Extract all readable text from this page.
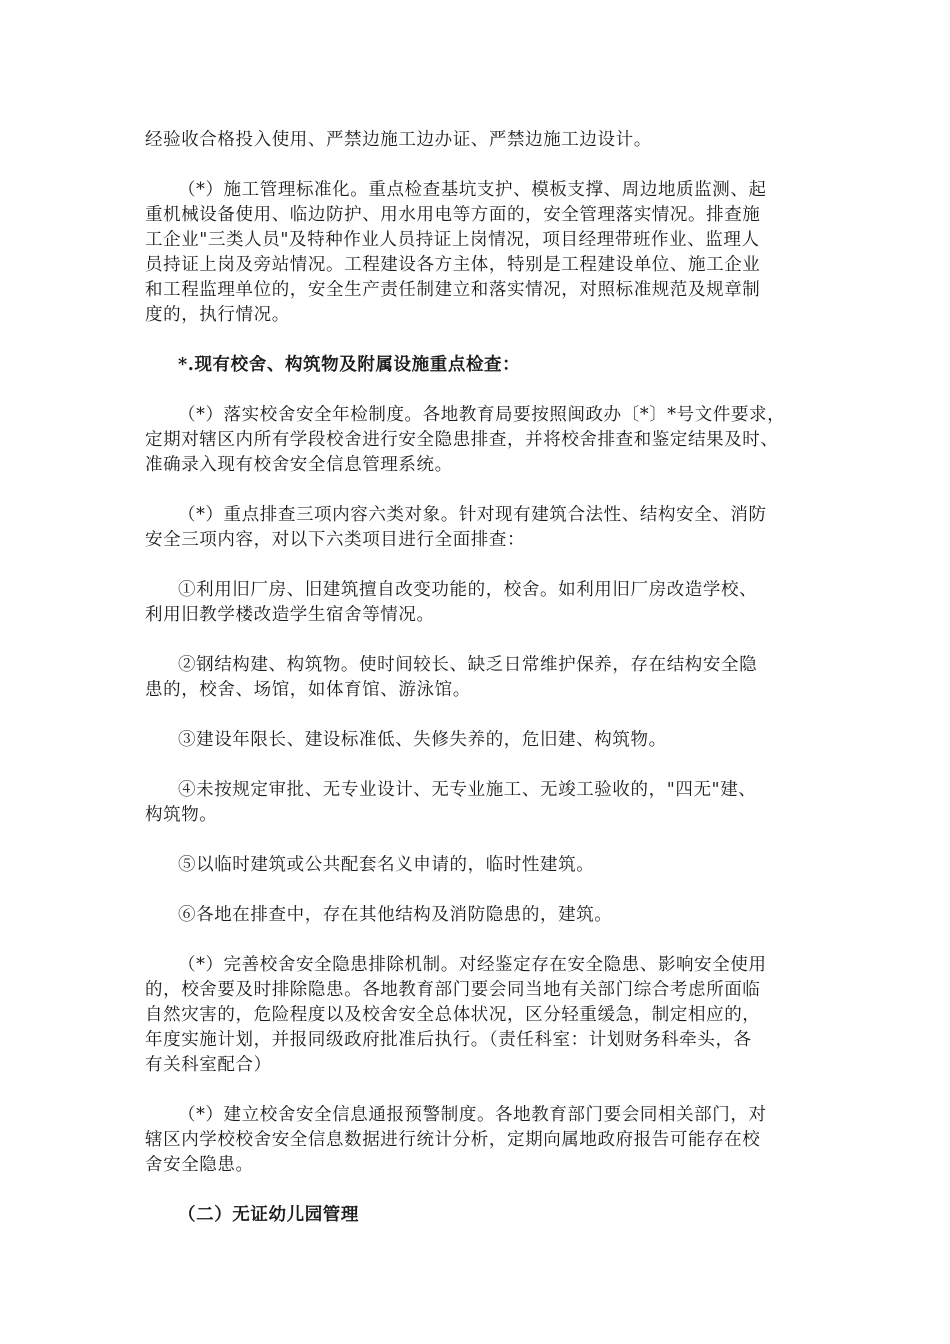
经验收合格投入使用、严禁边施工边办证、严禁边施工边设计。

（*）施工管理标准化。重点检查基坑支护、模板支撑、周边地质监测、起

重机械设备使用、临边防护、用水用电等方面的，安全管理落实情况。排查施

工企业"三类人员"及特种作业人员持证上岗情况，项目经理带班作业、监理人

员持证上岗及旁站情况。工程建设各方主体，特别是工程建设单位、施工企业

和工程监理单位的，安全生产责任制建立和落实情况，对照标准规范及规章制

度的，执行情况。

*.现有校舍、构筑物及附属设施重点检查：

（*）落实校舍安全年检制度。各地教育局要按照闽政办〔*〕*号文件要求，

定期对辖区内所有学段校舍进行安全隐患排查，并将校舍排查和鉴定结果及时、

准确录入现有校舍安全信息管理系统。

（*）重点排查三项内容六类对象。针对现有建筑合法性、结构安全、消防

安全三项内容，对以下六类项目进行全面排查：

①利用旧厂房、旧建筑擅自改变功能的，校舍。如利用旧厂房改造学校、

利用旧教学楼改造学生宿舍等情况。

②钢结构建、构筑物。使时间较长、缺乏日常维护保养，存在结构安全隐

患的，校舍、场馆，如体育馆、游泳馆。

③建设年限长、建设标准低、失修失养的，危旧建、构筑物。

④未按规定审批、无专业设计、无专业施工、无竣工验收的，"四无"建、

构筑物。

⑤以临时建筑或公共配套名义申请的，临时性建筑。

⑥各地在排查中，存在其他结构及消防隐患的，建筑。

（*）完善校舍安全隐患排除机制。对经鉴定存在安全隐患、影响安全使用

的，校舍要及时排除隐患。各地教育部门要会同当地有关部门综合考虑所面临

自然灾害的，危险程度以及校舍安全总体状况，区分轻重缓急，制定相应的，

年度实施计划，并报同级政府批准后执行。（责任科室：计划财务科牵头，各

有关科室配合）

（*）建立校舍安全信息通报预警制度。各地教育部门要会同相关部门，对

辖区内学校校舍安全信息数据进行统计分析，定期向属地政府报告可能存在校

舍安全隐患。

（二）无证幼儿园管理
